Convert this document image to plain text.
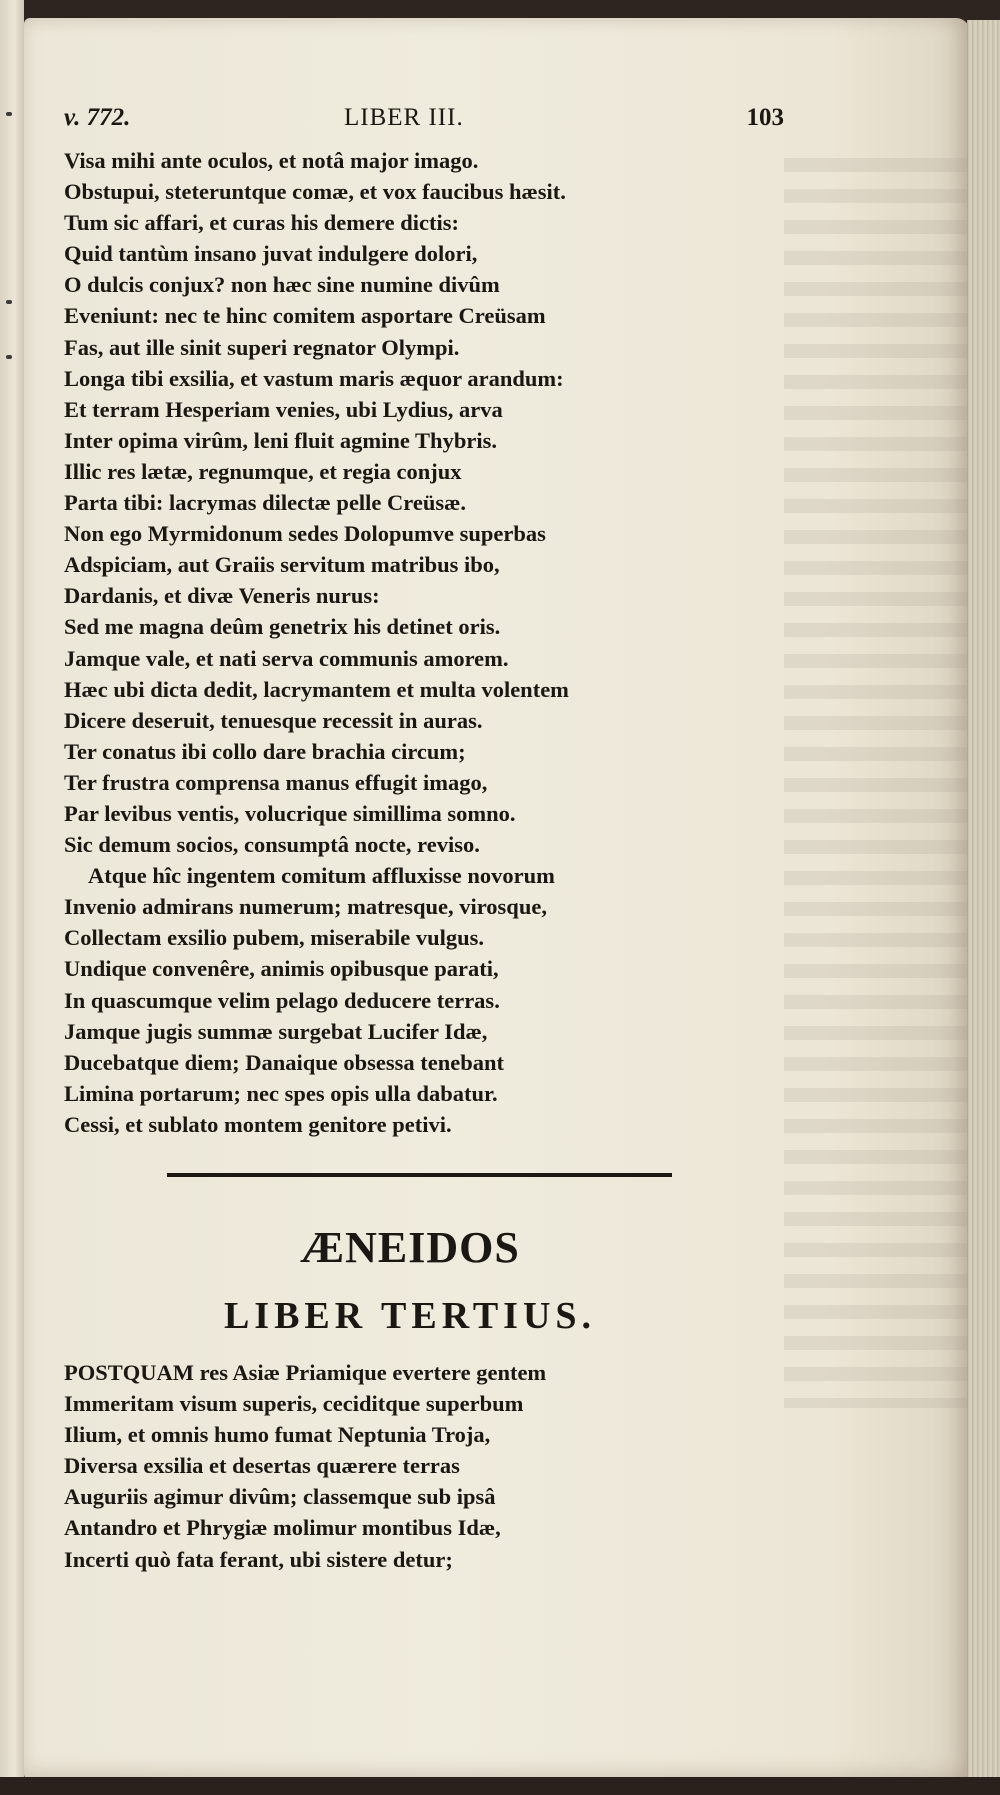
v. 772.	LIBER III.	103
Visa mihi ante oculos, et notâ major imago.
Obstupui, steteruntque comæ, et vox faucibus hæsit.
Tum sic affari, et curas his demere dictis:
Quid tantùm insano juvat indulgere dolori,
O dulcis conjux? non hæc sine numine divûm
Eveniunt: nec te hinc comitem asportare Creüsam
Fas, aut ille sinit superi regnator Olympi.
Longa tibi exsilia, et vastum maris æquor arandum:
Et terram Hesperiam venies, ubi Lydius, arva
Inter opima virûm, leni fluit agmine Thybris.
Illic res lætæ, regnumque, et regia conjux
Parta tibi: lacrymas dilectæ pelle Creüsæ.
Non ego Myrmidonum sedes Dolopumve superbas
Adspiciam, aut Graiis servitum matribus ibo,
Dardanis, et divæ Veneris nurus:
Sed me magna deûm genetrix his detinet oris.
Jamque vale, et nati serva communis amorem.
Hæc ubi dicta dedit, lacrymantem et multa volentem
Dicere deseruit, tenuesque recessit in auras.
Ter conatus ibi collo dare brachia circum;
Ter frustra comprensa manus effugit imago,
Par levibus ventis, volucrique simillima somno.
Sic demum socios, consumptâ nocte, reviso.
Atque hîc ingentem comitum affluxisse novorum
Invenio admirans numerum; matresque, virosque,
Collectam exsilio pubem, miserabile vulgus.
Undique convenêre, animis opibusque parati,
In quascumque velim pelago deducere terras.
Jamque jugis summæ surgebat Lucifer Idæ,
Ducebatque diem; Danaique obsessa tenebant
Limina portarum; nec spes opis ulla dabatur.
Cessi, et sublato montem genitore petivi.
ÆNEIDOS
LIBER TERTIUS.
POSTQUAM res Asiæ Priamique evertere gentem
Immeritam visum superis, ceciditque superbum
Ilium, et omnis humo fumat Neptunia Troja,
Diversa exsilia et desertas quærere terras
Auguriis agimur divûm; classemque sub ipsâ
Antandro et Phrygiæ molimur montibus Idæ,
Incerti quò fata ferant, ubi sistere detur;
